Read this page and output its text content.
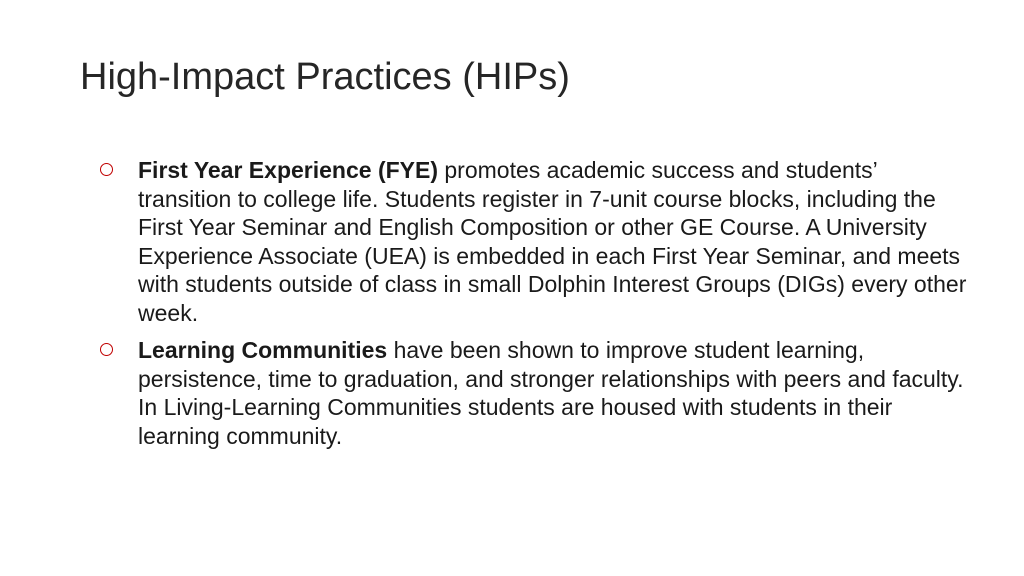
High-Impact Practices (HIPs)
First Year Experience (FYE) promotes academic success and students’ transition to college life. Students register in 7-unit course blocks, including the First Year Seminar and English Composition or other GE Course. A University Experience Associate (UEA) is embedded in each First Year Seminar, and meets with students outside of class in small Dolphin Interest Groups (DIGs) every other week.
Learning Communities have been shown to improve student learning, persistence, time to graduation, and stronger relationships with peers and faculty. In Living-Learning Communities students are housed with students in their learning community.
